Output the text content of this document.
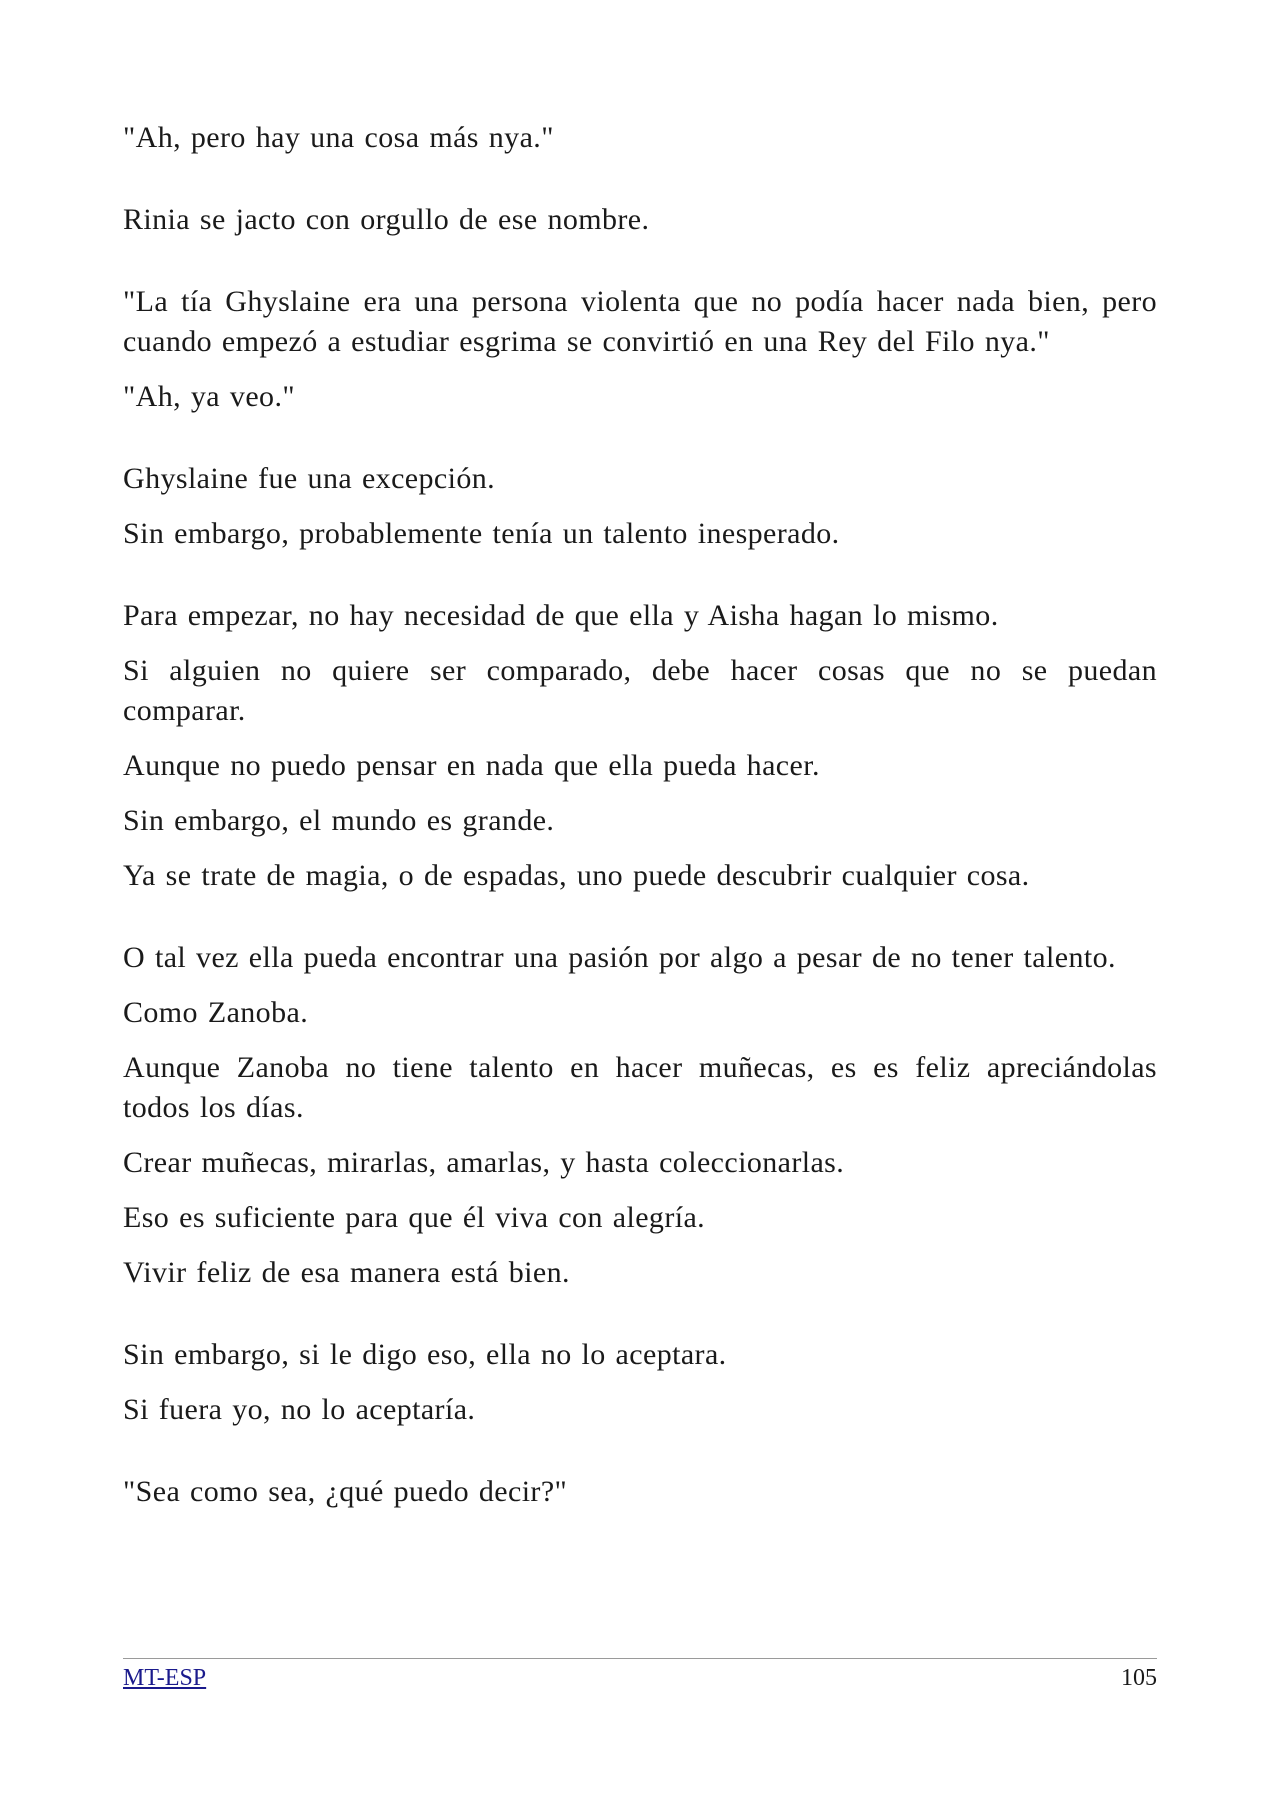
"Ah, pero hay una cosa más nya."

Rinia se jacto con orgullo de ese nombre.

"La tía Ghyslaine era una persona violenta que no podía hacer nada bien, pero cuando empezó a estudiar esgrima se convirtió en una Rey del Filo nya."

"Ah, ya veo."

Ghyslaine fue una excepción.

Sin embargo, probablemente tenía un talento inesperado.

Para empezar, no hay necesidad de que ella y Aisha hagan lo mismo.

Si alguien no quiere ser comparado, debe hacer cosas que no se puedan comparar.

Aunque no puedo pensar en nada que ella pueda hacer.

Sin embargo, el mundo es grande.

Ya se trate de magia, o de espadas, uno puede descubrir cualquier cosa.

O tal vez ella pueda encontrar una pasión por algo a pesar de no tener talento.

Como Zanoba.

Aunque Zanoba no tiene talento en hacer muñecas, es es feliz apreciándolas todos los días.

Crear muñecas, mirarlas, amarlas, y hasta coleccionarlas.

Eso es suficiente para que él viva con alegría.

Vivir feliz de esa manera está bien.

Sin embargo, si le digo eso, ella no lo aceptara.

Si fuera yo, no lo aceptaría.

"Sea como sea, ¿qué puedo decir?"

MT-ESP	105
